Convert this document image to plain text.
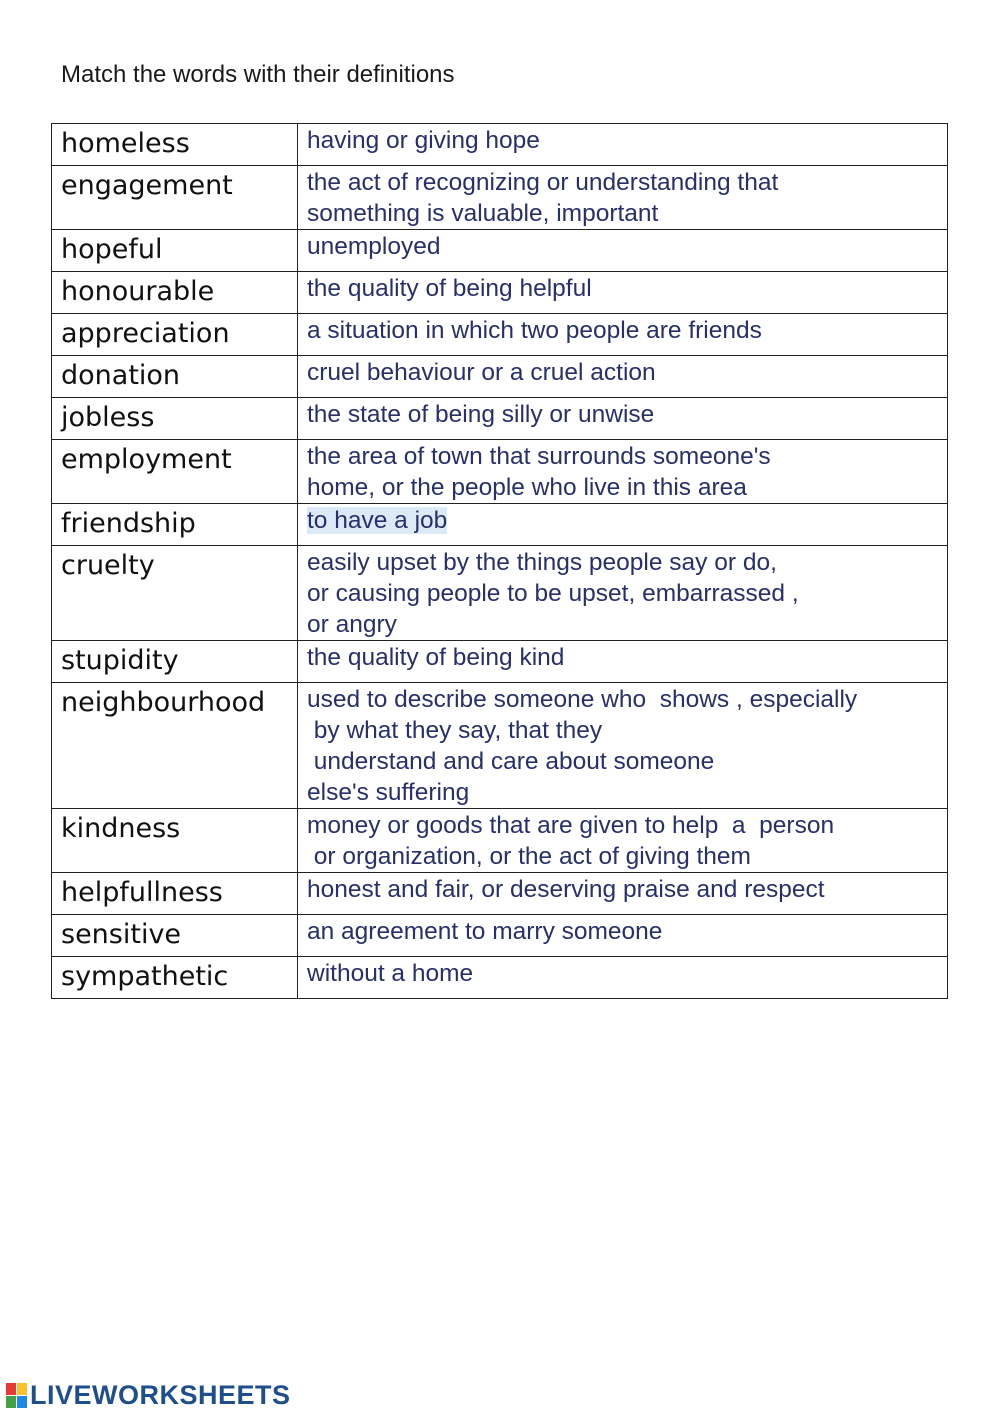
Match the words with their definitions
homeless	having or giving hope
engagement	the act of recognizing or understanding that
something is valuable, important
hopeful	unemployed
honourable	the quality of being helpful
appreciation	a situation in which two people are friends
donation	cruel behaviour or a cruel action
jobless	the state of being silly or unwise
employment	the area of town that surrounds someone's
home, or the people who live in this area
friendship	to have a job
cruelty	easily upset by the things people say or do,
or causing people to be upset, embarrassed ,
or angry
stupidity	the quality of being kind
neighbourhood	used to describe someone who  shows , especially
by what they say, that they
understand and care about someone
else's suffering
kindness	money or goods that are given to help  a  person
or organization, or the act of giving them
helpfullness	honest and fair, or deserving praise and respect
sensitive	an agreement to marry someone
sympathetic	without a home
LIVEWORKSHEETS
